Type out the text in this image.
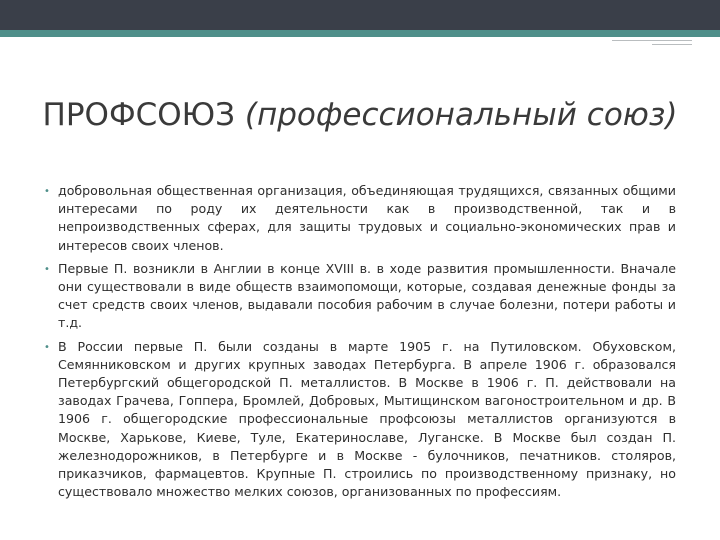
ПРОФСОЮЗ (профессиональный союз)
• добровольная общественная организация, объединяющая трудящихся, связанных общими интересами по роду их деятельности как в производственной, так и в непроизводственных сферах, для защиты трудовых и социально-экономических прав и интересов своих членов.
• Первые П. возникли в Англии в конце XVIII в. в ходе развития промышленности. Вначале они существовали в виде обществ взаимопомощи, которые, создавая денежные фонды за счет средств своих членов, выдавали пособия рабочим в случае болезни, потери работы и т.д.
• В России первые П. были созданы в марте 1905 г. на Путиловском. Обуховском, Семянниковском и других крупных заводах Петербурга. В апреле 1906 г. образовался Петербургский общегородской П. металлистов. В Москве в 1906 г. П. действовали на заводах Грачева, Гоппера, Бромлей, Добровых, Мытищинском вагоностроительном и др. В 1906 г. общегородские профессиональные профсоюзы металлистов организуются в Москве, Харькове, Киеве, Туле, Екатеринославе, Луганске. В Москве был создан П. железнодорожников, в Петербурге и в Москве - булочников, печатников. столяров, приказчиков, фармацевтов. Крупные П. строились по производственному признаку, но существовало множество мелких союзов, организованных по профессиям.
